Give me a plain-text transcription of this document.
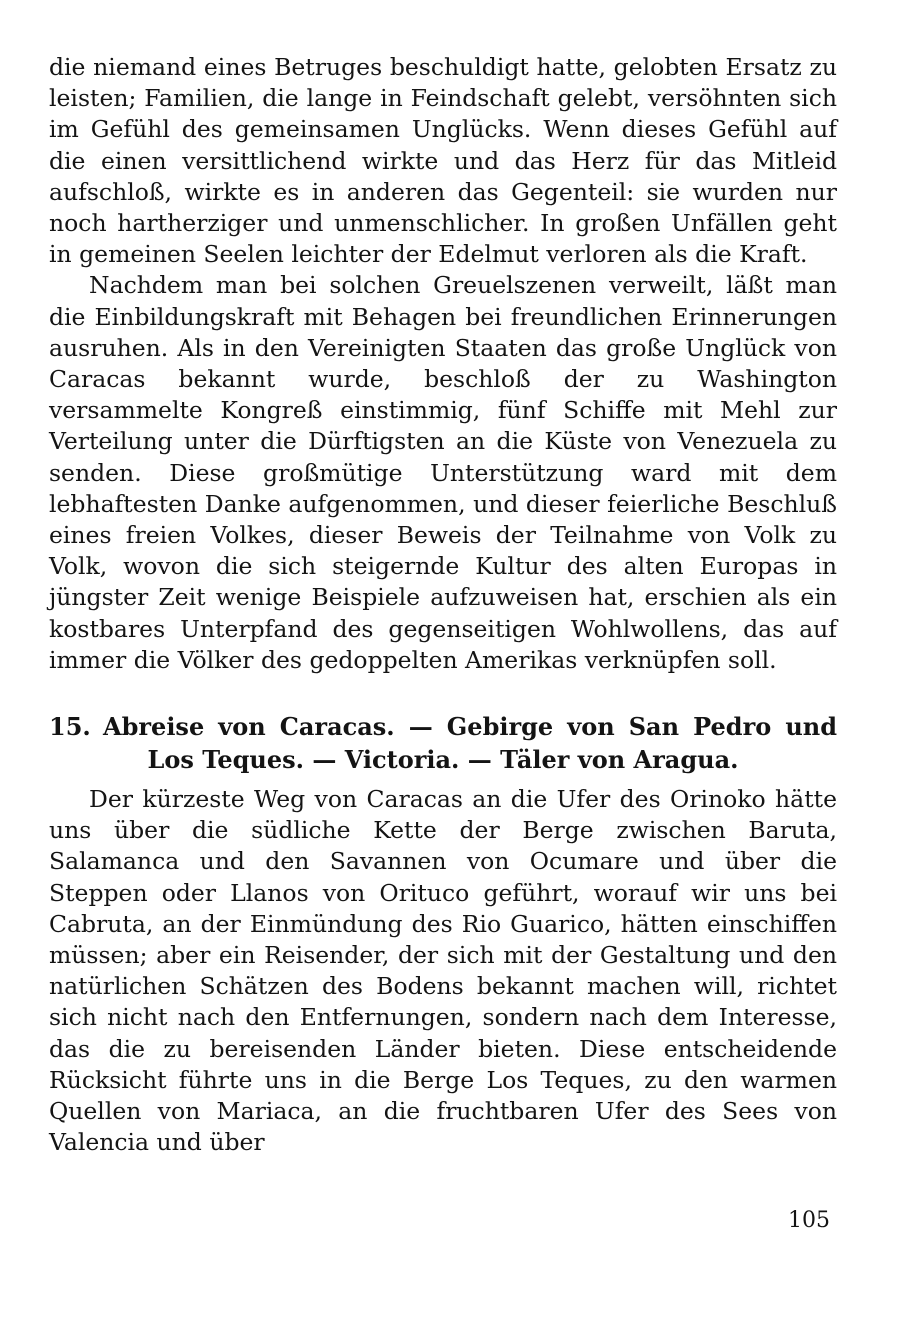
die niemand eines Betruges beschuldigt hatte, gelobten Ersatz zu leisten; Familien, die lange in Feindschaft gelebt, versöhnten sich im Gefühl des gemeinsamen Unglücks. Wenn dieses Gefühl auf die einen versittlichend wirkte und das Herz für das Mitleid aufschloß, wirkte es in anderen das Gegenteil: sie wurden nur noch hartherziger und unmenschlicher. In großen Unfällen geht in gemeinen Seelen leichter der Edelmut verloren als die Kraft.

Nachdem man bei solchen Greuelszenen verweilt, läßt man die Einbildungskraft mit Behagen bei freundlichen Erinnerungen ausruhen. Als in den Vereinigten Staaten das große Unglück von Caracas bekannt wurde, beschloß der zu Washington versammelte Kongreß einstimmig, fünf Schiffe mit Mehl zur Verteilung unter die Dürftigsten an die Küste von Venezuela zu senden. Diese großmütige Unterstützung ward mit dem lebhaftesten Danke aufgenommen, und dieser feierliche Beschluß eines freien Volkes, dieser Beweis der Teilnahme von Volk zu Volk, wovon die sich steigernde Kultur des alten Europas in jüngster Zeit wenige Beispiele aufzuweisen hat, erschien als ein kostbares Unterpfand des gegenseitigen Wohlwollens, das auf immer die Völker des gedoppelten Amerikas verknüpfen soll.

15. Abreise von Caracas. — Gebirge von San Pedro und
Los Teques. — Victoria. — Täler von Aragua.

Der kürzeste Weg von Caracas an die Ufer des Orinoko hätte uns über die südliche Kette der Berge zwischen Baruta, Salamanca und den Savannen von Ocumare und über die Steppen oder Llanos von Orituco geführt, worauf wir uns bei Cabruta, an der Einmündung des Rio Guarico, hätten einschiffen müssen; aber ein Reisender, der sich mit der Gestaltung und den natürlichen Schätzen des Bodens bekannt machen will, richtet sich nicht nach den Entfernungen, sondern nach dem Interesse, das die zu bereisenden Länder bieten. Diese entscheidende Rücksicht führte uns in die Berge Los Teques, zu den warmen Quellen von Mariaca, an die fruchtbaren Ufer des Sees von Valencia und über

105
